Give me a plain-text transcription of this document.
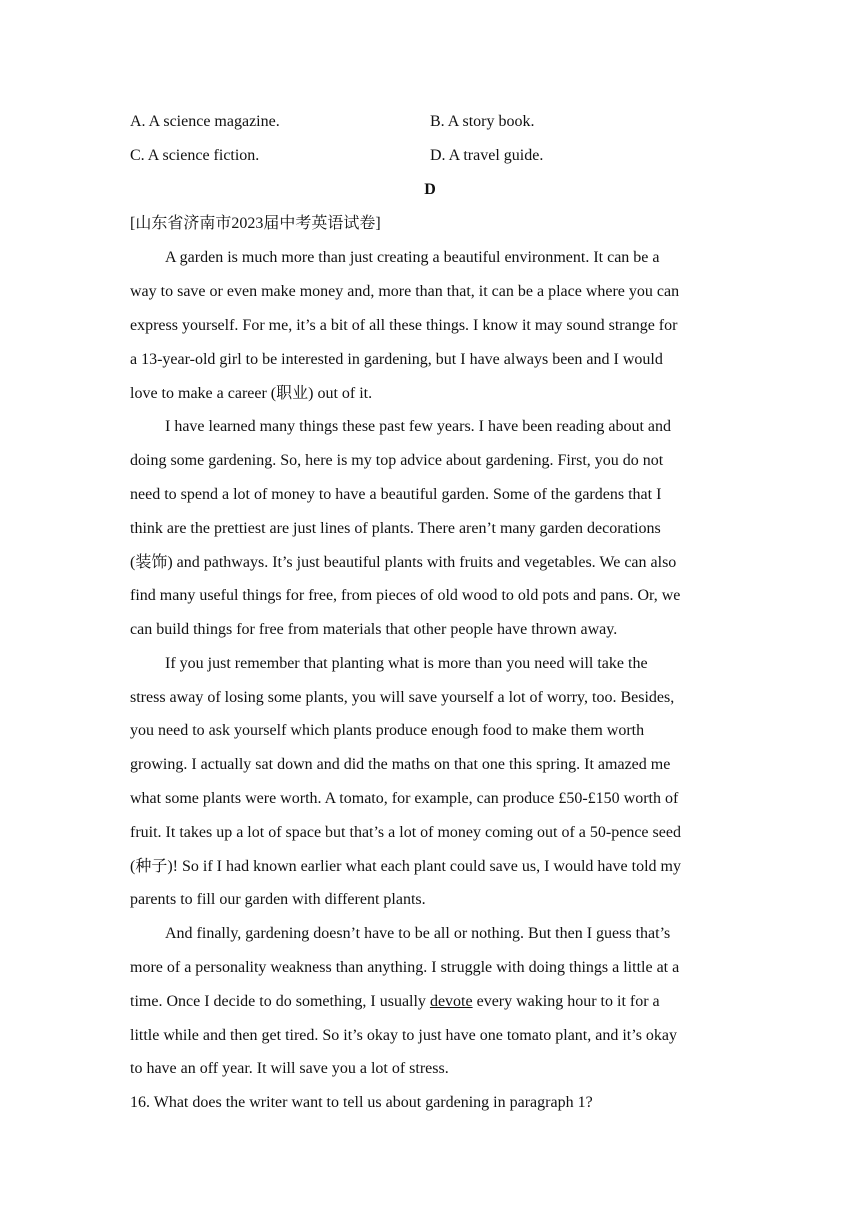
A. A science magazine.	B. A story book.
C. A science fiction.	D. A travel guide.
D
[山东省济南市2023届中考英语试卷]
A garden is much more than just creating a beautiful environment. It can be a
way to save or even make money and, more than that, it can be a place where you can
express yourself. For me, it’s a bit of all these things. I know it may sound strange for
a 13-year-old girl to be interested in gardening, but I have always been and I would
love to make a career (职业) out of it.
I have learned many things these past few years. I have been reading about and
doing some gardening. So, here is my top advice about gardening. First, you do not
need to spend a lot of money to have a beautiful garden. Some of the gardens that I
think are the prettiest are just lines of plants. There aren’t many garden decorations
(装饰) and pathways. It’s just beautiful plants with fruits and vegetables. We can also
find many useful things for free, from pieces of old wood to old pots and pans. Or, we
can build things for free from materials that other people have thrown away.
If you just remember that planting what is more than you need will take the
stress away of losing some plants, you will save yourself a lot of worry, too. Besides,
you need to ask yourself which plants produce enough food to make them worth
growing. I actually sat down and did the maths on that one this spring. It amazed me
what some plants were worth. A tomato, for example, can produce £50-£150 worth of
fruit. It takes up a lot of space but that’s a lot of money coming out of a 50-pence seed
(种子)! So if I had known earlier what each plant could save us, I would have told my
parents to fill our garden with different plants.
And finally, gardening doesn’t have to be all or nothing. But then I guess that’s
more of a personality weakness than anything. I struggle with doing things a little at a
time. Once I decide to do something, I usually devote every waking hour to it for a
little while and then get tired. So it’s okay to just have one tomato plant, and it’s okay
to have an off year. It will save you a lot of stress.
16. What does the writer want to tell us about gardening in paragraph 1?
